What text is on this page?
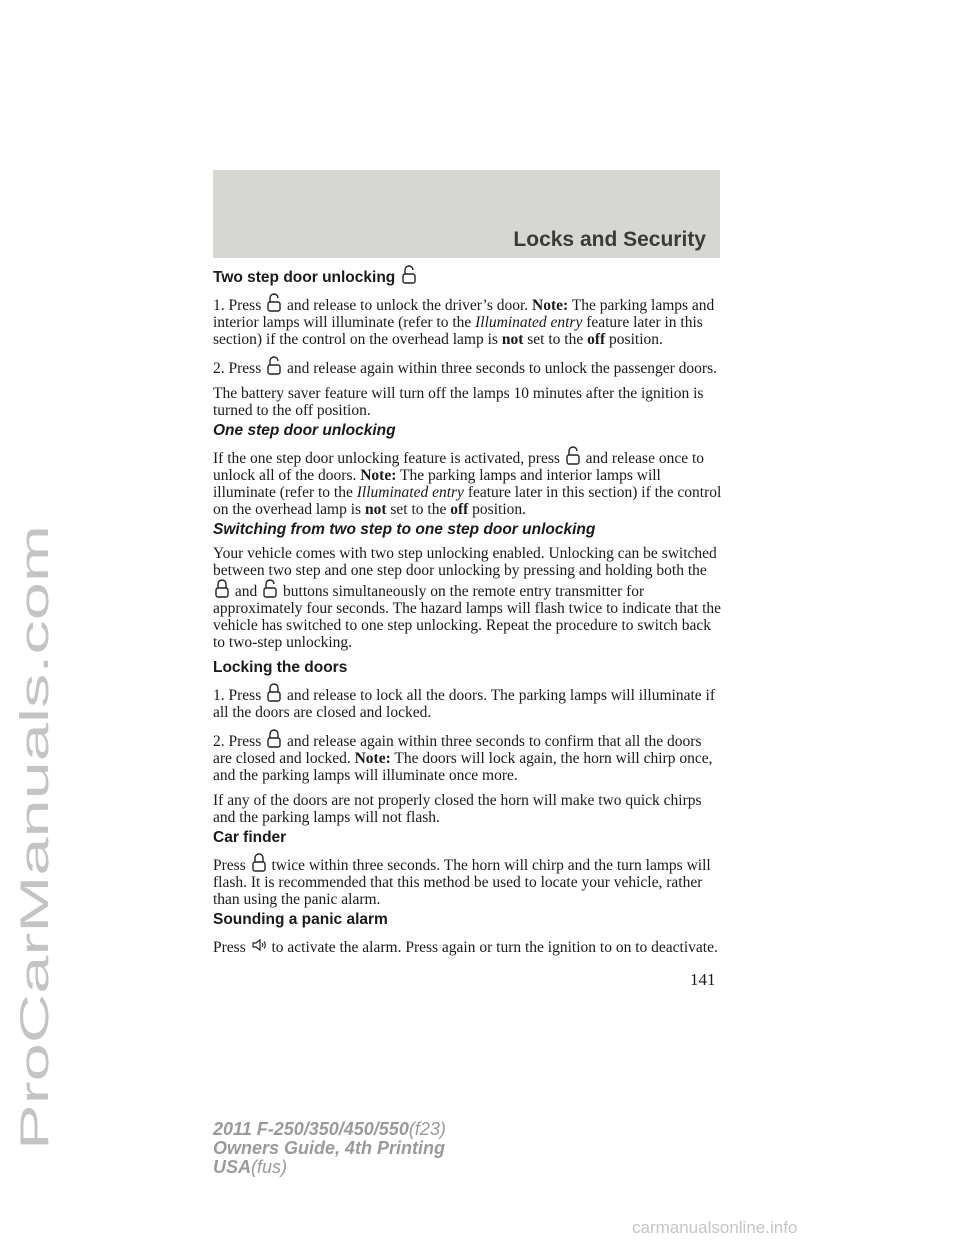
Locks and Security
Two step door unlocking

1. Press and release to unlock the driver’s door. Note: The parking lamps and interior lamps will illuminate (refer to the Illuminated entry feature later in this section) if the control on the overhead lamp is not set to the off position.

2. Press and release again within three seconds to unlock the passenger doors.

The battery saver feature will turn off the lamps 10 minutes after the ignition is turned to the off position.

One step door unlocking

If the one step door unlocking feature is activated, press and release once to unlock all of the doors. Note: The parking lamps and interior lamps will illuminate (refer to the Illuminated entry feature later in this section) if the control on the overhead lamp is not set to the off position.

Switching from two step to one step door unlocking

Your vehicle comes with two step unlocking enabled. Unlocking can be switched between two step and one step door unlocking by pressing and holding both the
and buttons simultaneously on the remote entry transmitter for approximately four seconds. The hazard lamps will flash twice to indicate that the vehicle has switched to one step unlocking. Repeat the procedure to switch back to two-step unlocking.

Locking the doors

1. Press and release to lock all the doors. The parking lamps will illuminate if all the doors are closed and locked.

2. Press and release again within three seconds to confirm that all the doors are closed and locked. Note: The doors will lock again, the horn will chirp once, and the parking lamps will illuminate once more.

If any of the doors are not properly closed the horn will make two quick chirps and the parking lamps will not flash.

Car finder

Press twice within three seconds. The horn will chirp and the turn lamps will flash. It is recommended that this method be used to locate your vehicle, rather than using the panic alarm.

Sounding a panic alarm

Press to activate the alarm. Press again or turn the ignition to on to deactivate.

141
2011 F-250/350/450/550(f23)
Owners Guide, 4th Printing
USA(fus)
ProCarManuals.com
carmanualsonline.info
